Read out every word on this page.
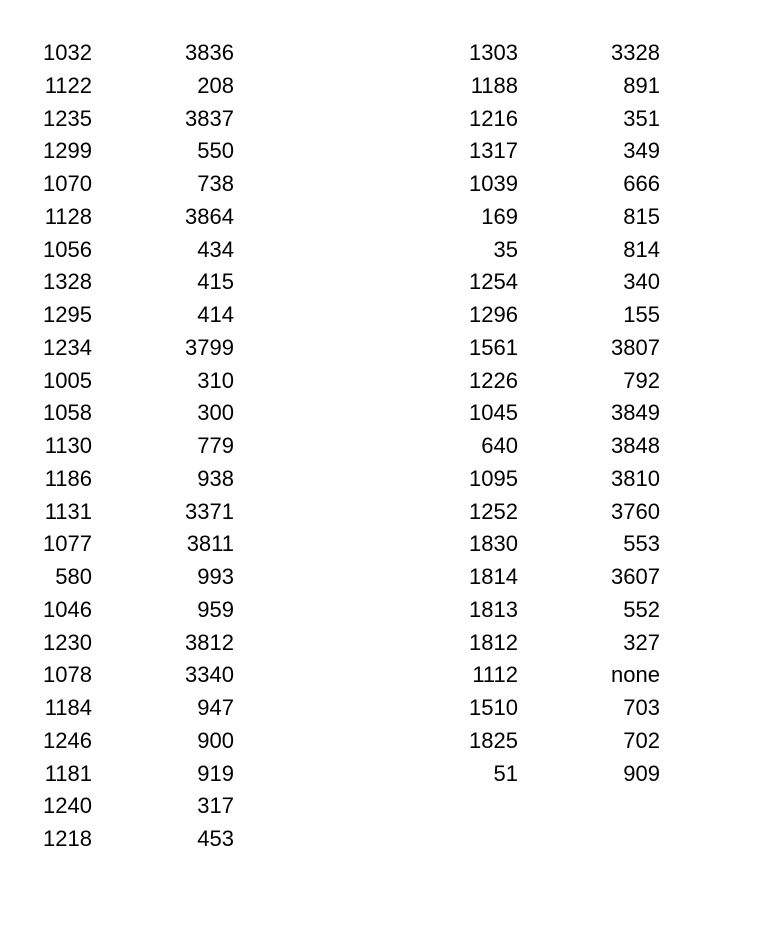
1032	3836
1122	208
1235	3837
1299	550
1070	738
1128	3864
1056	434
1328	415
1295	414
1234	3799
1005	310
1058	300
1130	779
1186	938
1131	3371
1077	3811
580	993
1046	959
1230	3812
1078	3340
1184	947
1246	900
1181	919
1240	317
1218	453
1303	3328
1188	891
1216	351
1317	349
1039	666
169	815
35	814
1254	340
1296	155
1561	3807
1226	792
1045	3849
640	3848
1095	3810
1252	3760
1830	553
1814	3607
1813	552
1812	327
1112	none
1510	703
1825	702
51	909
